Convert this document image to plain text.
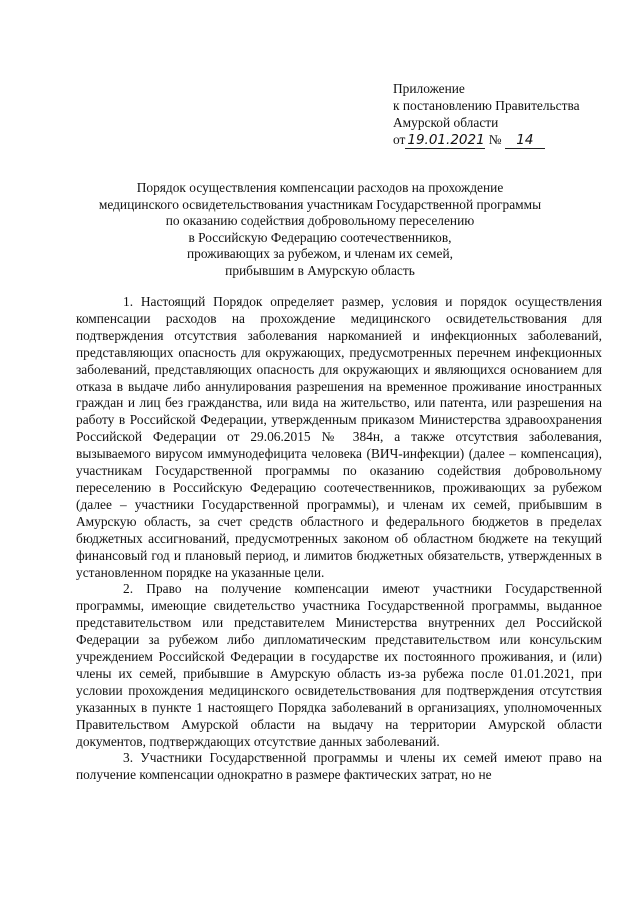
Приложение
к постановлению Правительства
Амурской области
от 19.01.2021 № 14
Порядок осуществления компенсации расходов на прохождение
медицинского освидетельствования участникам Государственной программы
по оказанию содействия добровольному переселению
в Российскую Федерацию соотечественников,
проживающих за рубежом, и членам их семей,
прибывшим в Амурскую область

1. Настоящий Порядок определяет размер, условия и порядок осуществления компенсации расходов на прохождение медицинского освидетельствования для подтверждения отсутствия заболевания наркоманией и инфекционных заболеваний, представляющих опасность для окружающих, предусмотренных перечнем инфекционных заболеваний, представляющих опасность для окружающих и являющихся основанием для отказа в выдаче либо аннулирования разрешения на временное проживание иностранных граждан и лиц без гражданства, или вида на жительство, или патента, или разрешения на работу в Российской Федерации, утвержденным приказом Министерства здравоохранения Российской Федерации от 29.06.2015 № 384н, а также отсутствия заболевания, вызываемого вирусом иммунодефицита человека (ВИЧ-инфекции) (далее – компенсация), участникам Государственной программы по оказанию содействия добровольному переселению в Российскую Федерацию соотечественников, проживающих за рубежом (далее – участники Государственной программы), и членам их семей, прибывшим в Амурскую область, за счет средств областного и федерального бюджетов в пределах бюджетных ассигнований, предусмотренных законом об областном бюджете на текущий финансовый год и плановый период, и лимитов бюджетных обязательств, утвержденных в установленном порядке на указанные цели.

2. Право на получение компенсации имеют участники Государственной программы, имеющие свидетельство участника Государственной программы, выданное представительством или представителем Министерства внутренних дел Российской Федерации за рубежом либо дипломатическим представительством или консульским учреждением Российской Федерации в государстве их постоянного проживания, и (или) члены их семей, прибывшие в Амурскую область из-за рубежа после 01.01.2021, при условии прохождения медицинского освидетельствования для подтверждения отсутствия указанных в пункте 1 настоящего Порядка заболеваний в организациях, уполномоченных Правительством Амурской области на выдачу на территории Амурской области документов, подтверждающих отсутствие данных заболеваний.

3. Участники Государственной программы и члены их семей имеют право на получение компенсации однократно в размере фактических затрат, но не
